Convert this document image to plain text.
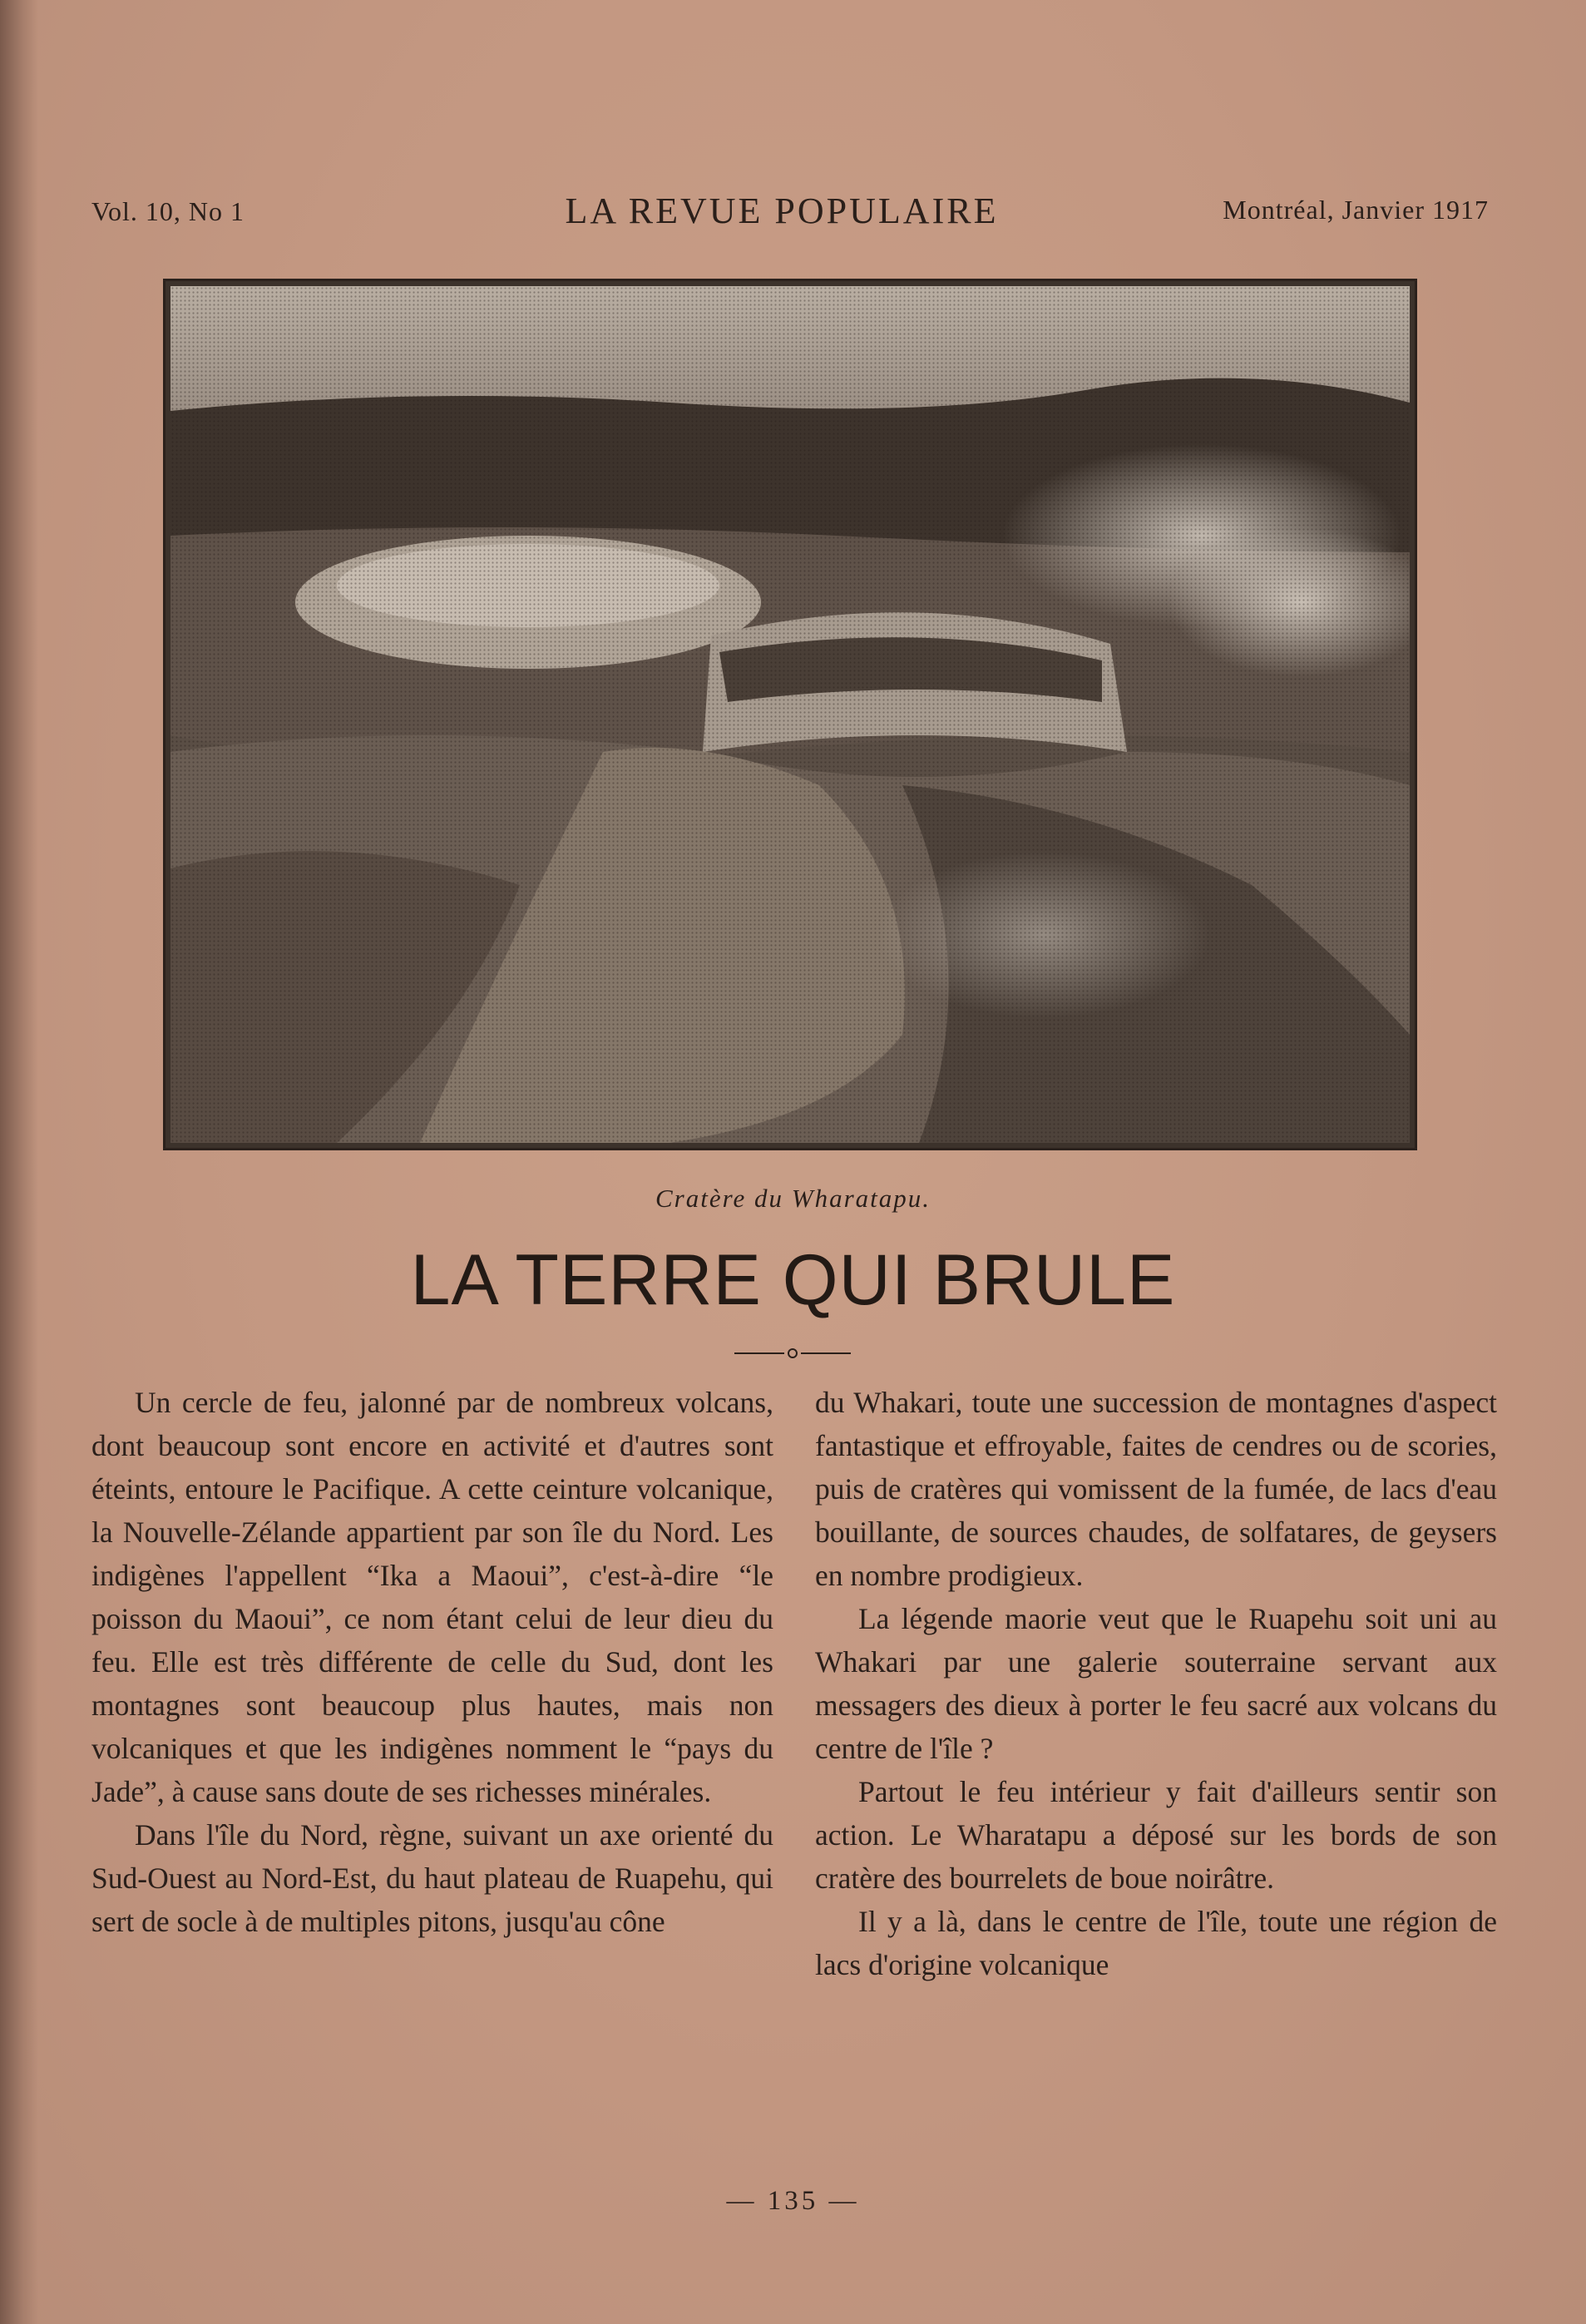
Vol. 10, No 1	LA REVUE POPULAIRE	Montréal, Janvier 1917
Cratère du Wharatapu.
LA TERRE QUI BRULE

Un cercle de feu, jalonné par de nombreux volcans, dont beaucoup sont encore en activité et d'autres sont éteints, entoure le Pacifique. A cette ceinture volcanique, la Nouvelle-Zélande appartient par son île du Nord. Les indigènes l'appellent “Ika a Maoui”, c'est-à-dire “le poisson du Maoui”, ce nom étant celui de leur dieu du feu. Elle est très différente de celle du Sud, dont les montagnes sont beaucoup plus hautes, mais non volcaniques et que les indigènes nomment le “pays du Jade”, à cause sans doute de ses richesses minérales.

Dans l'île du Nord, règne, suivant un axe orienté du Sud-Ouest au Nord-Est, du haut plateau de Ruapehu, qui sert de socle à de multiples pitons, jusqu'au cône

du Whakari, toute une succession de montagnes d'aspect fantastique et effroyable, faites de cendres ou de scories, puis de cratères qui vomissent de la fumée, de lacs d'eau bouillante, de sources chaudes, de solfatares, de geysers en nombre prodigieux.

La légende maorie veut que le Ruapehu soit uni au Whakari par une galerie souterraine servant aux messagers des dieux à porter le feu sacré aux volcans du centre de l'île ?

Partout le feu intérieur y fait d'ailleurs sentir son action. Le Wharatapu a déposé sur les bords de son cratère des bourrelets de boue noirâtre.

Il y a là, dans le centre de l'île, toute une région de lacs d'origine volcanique

— 135 —
